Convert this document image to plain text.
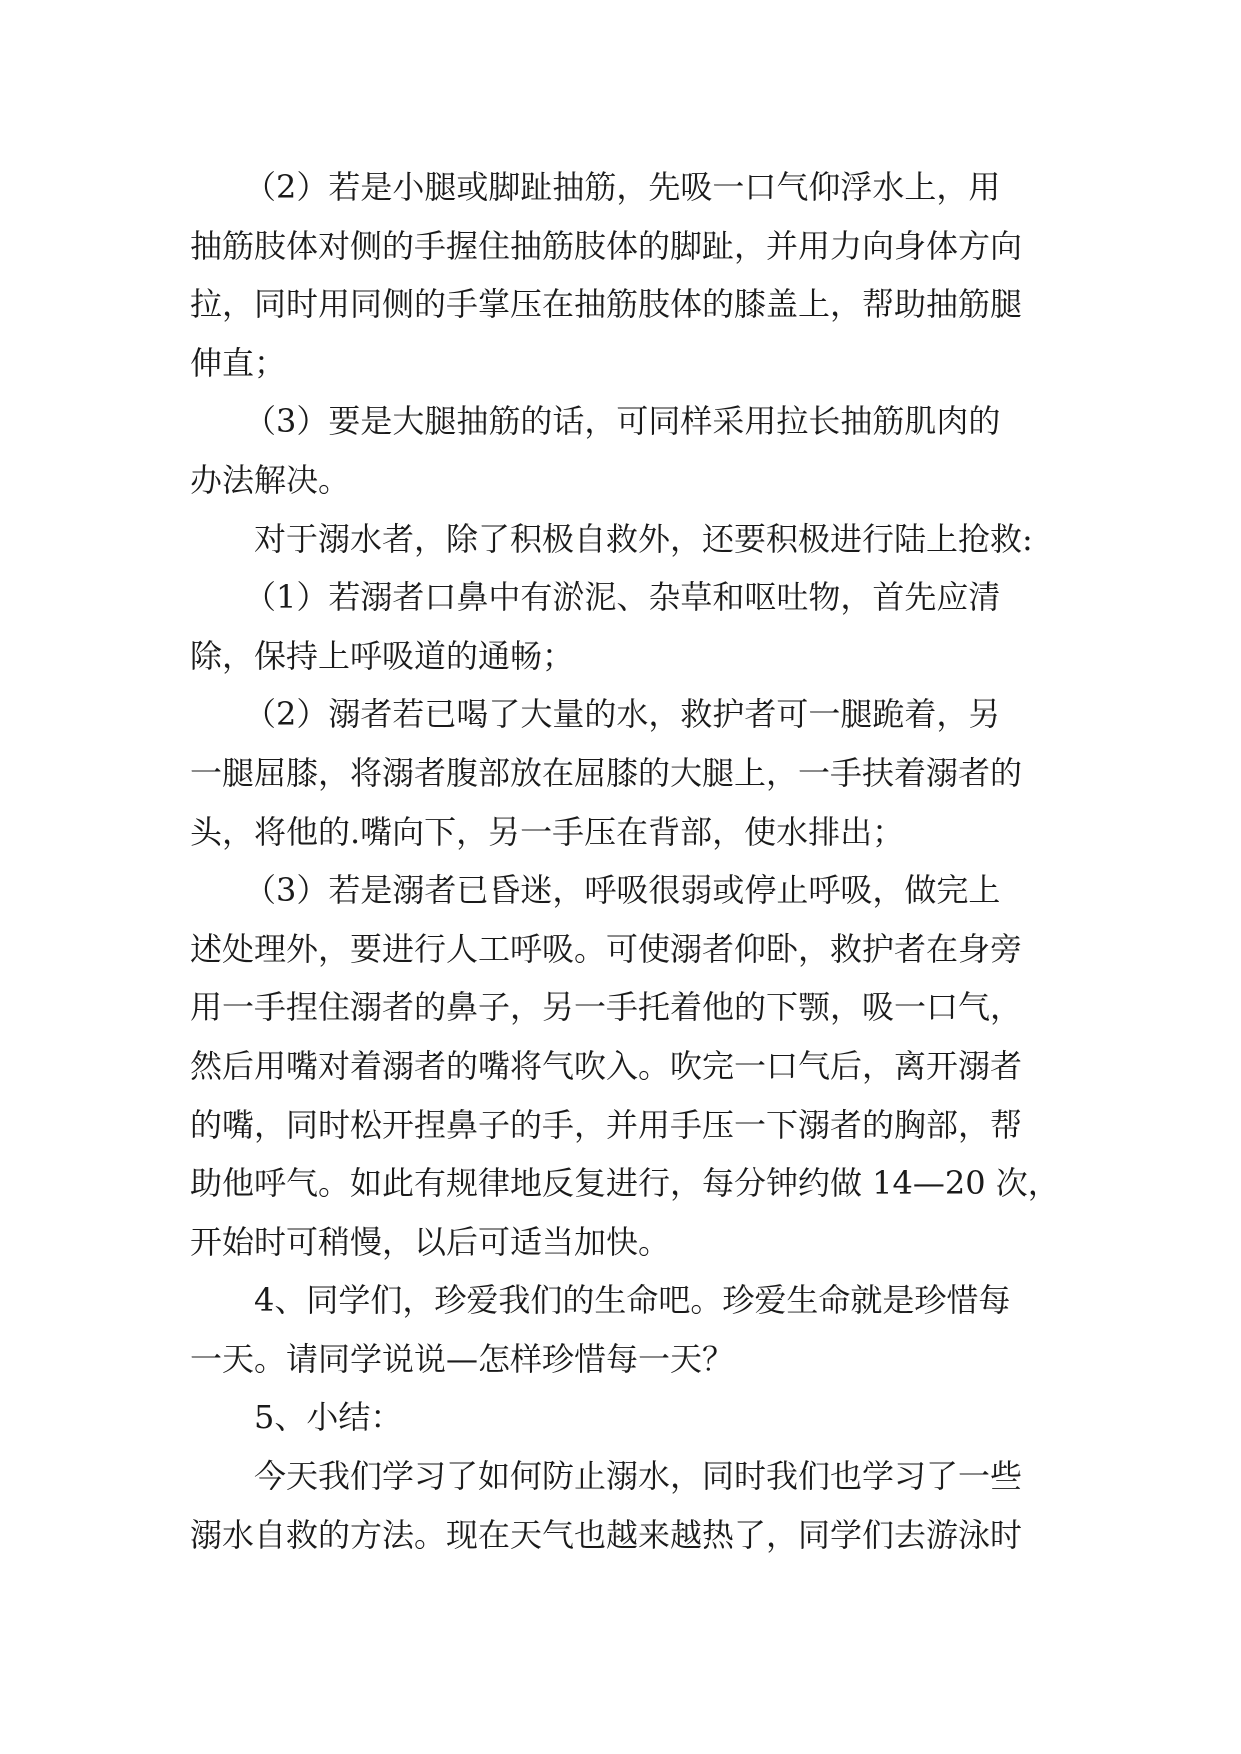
（2）若是小腿或脚趾抽筋，先吸一口气仰浮水上，用
抽筋肢体对侧的手握住抽筋肢体的脚趾，并用力向身体方向
拉，同时用同侧的手掌压在抽筋肢体的膝盖上，帮助抽筋腿
伸直；
（3）要是大腿抽筋的话，可同样采用拉长抽筋肌肉的
办法解决。
对于溺水者，除了积极自救外，还要积极进行陆上抢救:
（1）若溺者口鼻中有淤泥、杂草和呕吐物，首先应清
除，保持上呼吸道的通畅；
（2）溺者若已喝了大量的水，救护者可一腿跪着，另
一腿屈膝，将溺者腹部放在屈膝的大腿上，一手扶着溺者的
头，将他的.嘴向下，另一手压在背部，使水排出；
（3）若是溺者已昏迷，呼吸很弱或停止呼吸，做完上
述处理外，要进行人工呼吸。可使溺者仰卧，救护者在身旁
用一手捏住溺者的鼻子，另一手托着他的下颚，吸一口气，
然后用嘴对着溺者的嘴将气吹入。吹完一口气后，离开溺者
的嘴，同时松开捏鼻子的手，并用手压一下溺者的胸部，帮
助他呼气。如此有规律地反复进行，每分钟约做 14—20 次，
开始时可稍慢，以后可适当加快。
4、同学们，珍爱我们的生命吧。珍爱生命就是珍惜每
一天。请同学说说—怎样珍惜每一天？
5、小结：
今天我们学习了如何防止溺水，同时我们也学习了一些
溺水自救的方法。现在天气也越来越热了，同学们去游泳时
